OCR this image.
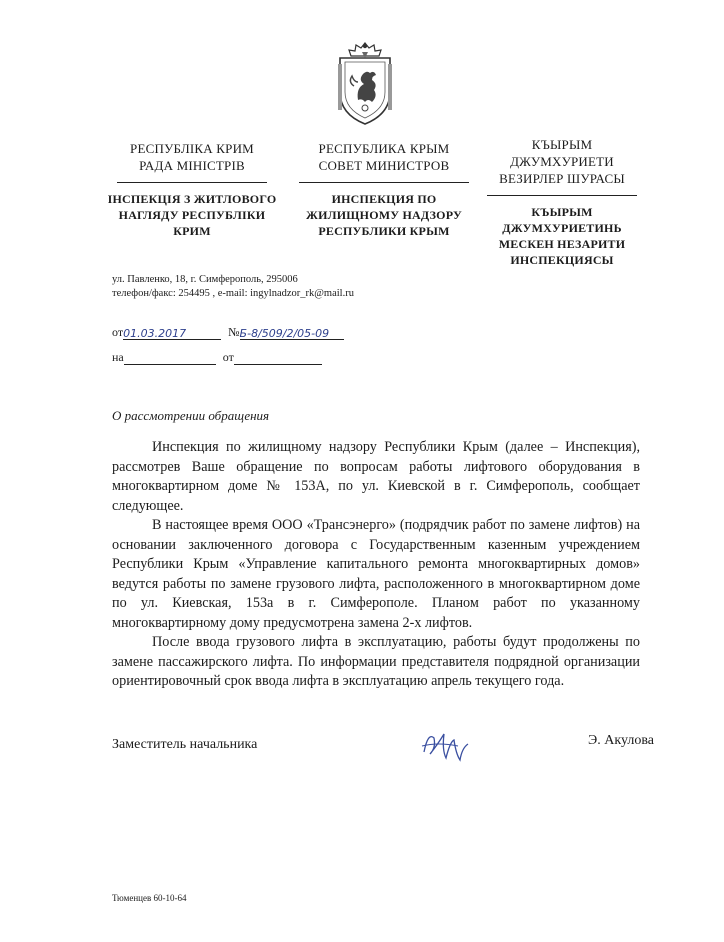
РЕСПУБЛІКА КРИМ
РАДА МІНІСТРІВ
ІНСПЕКЦІЯ З ЖИТЛОВОГО НАГЛЯДУ РЕСПУБЛІКИ КРИМ
РЕСПУБЛИКА КРЫМ
СОВЕТ МИНИСТРОВ
ИНСПЕКЦИЯ ПО ЖИЛИЩНОМУ НАДЗОРУ РЕСПУБЛИКИ КРЫМ
КЪЫРЫМ ДЖУМХУРИЕТИ
ВЕЗИРЛЕР ШУРАСЫ
КЪЫРЫМ ДЖУМХУРИЕТИНЬ МЕСКЕН НЕЗАРИТИ ИНСПЕКЦИЯСЫ
ул. Павленко, 18, г. Симферополь, 295006
телефон/факс: 254495 , e-mail: ingylnadzor_rk@mail.ru
от01.03.2017	№Б-8/509/2/05-09
на	от
О рассмотрении обращения

Инспекция по жилищному надзору Республики Крым (далее – Инспекция), рассмотрев Ваше обращение по вопросам работы лифтового оборудования в многоквартирном доме № 153А, по ул. Киевской в г. Симферополь, сообщает следующее.

В настоящее время ООО «Трансэнерго» (подрядчик работ по замене лифтов) на основании заключенного договора с Государственным казенным учреждением Республики Крым «Управление капитального ремонта многоквартирных домов» ведутся работы по замене грузового лифта, расположенного в многоквартирном доме по ул. Киевская, 153а в г. Симферополе. Планом работ по указанному многоквартирному дому предусмотрена замена 2-х лифтов.

После ввода грузового лифта в эксплуатацию, работы будут продолжены по замене пассажирского лифта. По информации представителя подрядной организации ориентировочный срок ввода лифта в эксплуатацию апрель текущего года.

Заместитель начальника	Э. Акулова
Тюменцев 60-10-64
